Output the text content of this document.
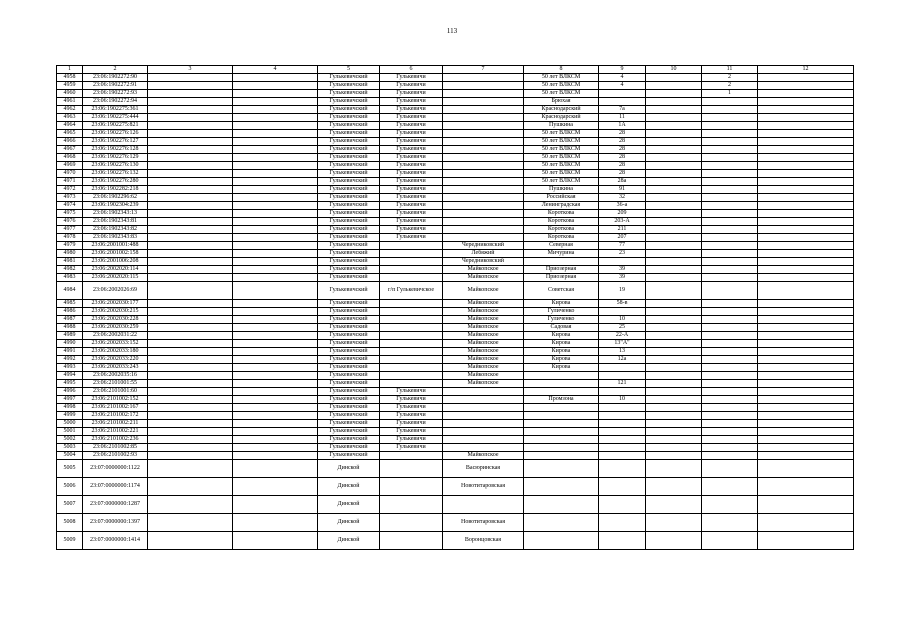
113
1	2	3	4	5	6	7	8	9	10	11	12
4958	23:06:1902272:90			Гулькевичский	Гулькевичи		50 лет ВЛКСМ	4		2	
4959	23:06:1902272:91			Гулькевичский	Гулькевичи		50 лет ВЛКСМ	4		2	
4960	23:06:1902272:93			Гулькевичский	Гулькевичи		50 лет ВЛКСМ			1	
4961	23:06:1902272:94			Гулькевичский	Гулькевичи		Брюхая				
4962	23:06:1902275:361			Гулькевичский	Гулькевичи		Краснодарский	7а			
4963	23:06:1902275:444			Гулькевичский	Гулькевичи		Краснодарский	11			
4964	23:06:1902275:821			Гулькевичский	Гулькевичи		Пушкина	1А			
4965	23:06:1902276:126			Гулькевичский	Гулькевичи		50 лет ВЛКСМ	28			
4966	23:06:1902276:127			Гулькевичский	Гулькевичи		50 лет ВЛКСМ	28			
4967	23:06:1902276:128			Гулькевичский	Гулькевичи		50 лет ВЛКСМ	28			
4968	23:06:1902276:129			Гулькевичский	Гулькевичи		50 лет ВЛКСМ	28			
4969	23:06:1902276:130			Гулькевичский	Гулькевичи		50 лет ВЛКСМ	28			
4970	23:06:1902276:132			Гулькевичский	Гулькевичи		50 лет ВЛКСМ	28			
4971	23:06:1902276:280			Гулькевичский	Гулькевичи		50 лет ВЛКСМ	28а			
4972	23:06:1902282:218			Гулькевичский	Гулькевичи		Пушкина	91			
4973	23:06:1902296:62			Гулькевичский	Гулькевичи		Российская	32			
4974	23:06:1902304:239			Гулькевичский	Гулькевичи		Ленинградская	36-а			
4975	23:06:1902343:13			Гулькевичский	Гулькевичи		Короткова	209			
4976	23:06:1902343:81			Гулькевичский	Гулькевичи		Короткова	203-А			
4977	23:06:1902343:82			Гулькевичский	Гулькевичи		Короткова	211			
4978	23:06:1902343:83			Гулькевичский	Гулькевичи		Короткова	207			
4979	23:06:2001001:488			Гулькевичский		Чередниковский	Северная	77			
4980	23:06:2001002:158			Гулькевичский		Лебяжий	Мичурина	23			
4981	23:06:2001006:208			Гулькевичский		Чередниковский					
4982	23:06:2002020:114			Гулькевичский		Майкопское	Приозерная	39			
4983	23:06:2002020:115			Гулькевичский		Майкопское	Приозерная	39			
4984	23:06:2002026:69			Гулькевичский	г/п Гулькевичское	Майкопское	Советская	19			
4985	23:06:2002030:177			Гулькевичский		Майкопское	Кирова	58-в			
4986	23:06:2002030:215			Гулькевичский		Майкопское	Гуличенко				
4987	23:06:2002030:228			Гулькевичский		Майкопское	Гуличенко	10			
4988	23:06:2002030:259			Гулькевичский		Майкопское	Садовая	25			
4989	23:06:2002031:22			Гулькевичский		Майкопское	Кирова	22-А			
4990	23:06:2002033:152			Гулькевичский		Майкопское	Кирова	13"А"			
4991	23:06:2002033:180			Гулькевичский		Майкопское	Кирова	13			
4992	23:06:2002033:220			Гулькевичский		Майкопское	Кирова	12а			
4993	23:06:2002033:243			Гулькевичский		Майкопское	Кирова				
4994	23:06:2002035:16			Гулькевичский		Майкопское					
4995	23:06:2101001:55			Гулькевичский		Майкопское		121			
4996	23:06:2101001:60			Гулькевичский	Гулькевичи						
4997	23:06:2101002:152			Гулькевичский	Гулькевичи		Промзона	10			
4998	23:06:2101002:167			Гулькевичский	Гулькевичи						
4999	23:06:2101002:172			Гулькевичский	Гулькевичи						
5000	23:06:2101002:211			Гулькевичский	Гулькевичи						
5001	23:06:2101002:221			Гулькевичский	Гулькевичи						
5002	23:06:2101002:236			Гулькевичский	Гулькевичи						
5003	23:06:2101002:85			Гулькевичский	Гулькевичи						
5004	23:06:2101002:93			Гулькевичский		Майкопское					
5005	23:07:0000000:1122			Динской		Васюринская					
5006	23:07:0000000:1174			Динской		Новотитаровская					
5007	23:07:0000000:1287			Динской							
5008	23:07:0000000:1397			Динской		Новотитаровская					
5009	23:07:0000000:1414			Динской		Воронцовская					
